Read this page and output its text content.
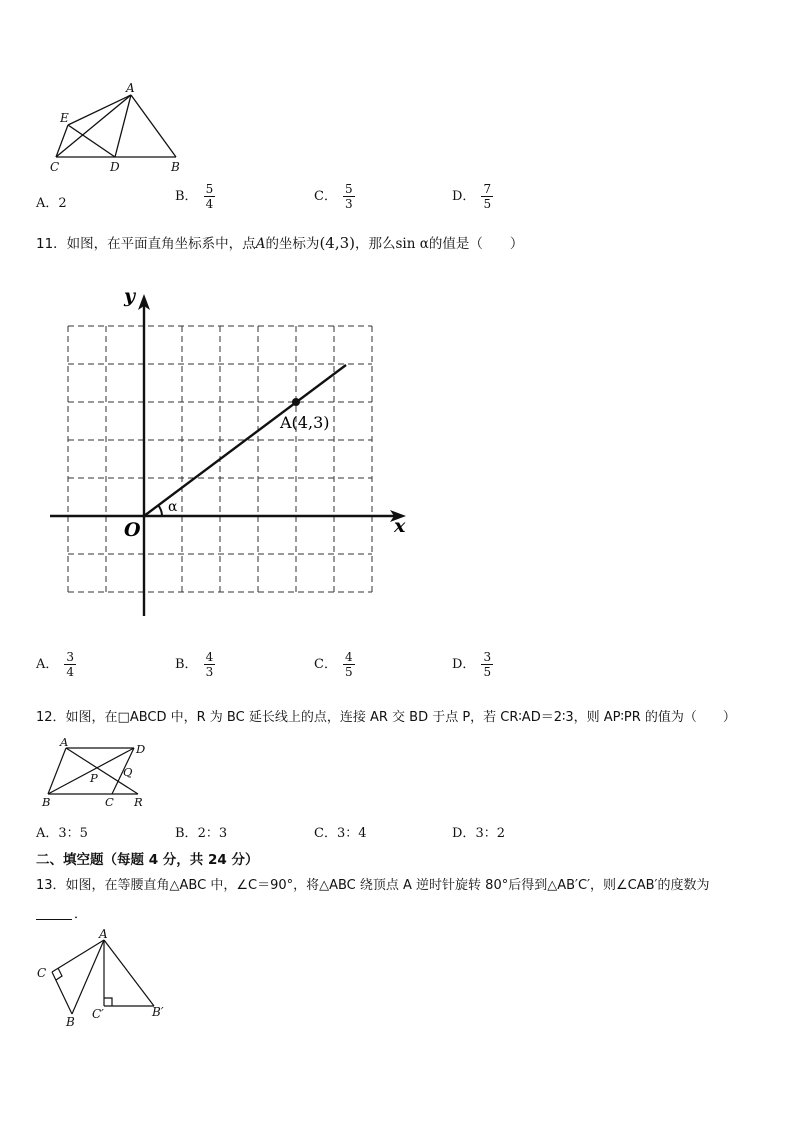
A
E
C	D	B
A．2	B． $\frac{5}{4}$	C． $\frac{5}{3}$	D． $\frac{7}{5}$
11．如图，在平面直角坐标系中，点A的坐标为(4,3)，那么sin α的值是（　　）
y
x
O
A(4,3)
α
A． $\frac{3}{4}$	B． $\frac{4}{3}$	C． $\frac{4}{5}$	D． $\frac{3}{5}$
12．如图，在□ABCD 中，R 为 BC 延长线上的点，连接 AR 交 BD 于点 P，若 CR∶AD＝2∶3，则 AP∶PR 的值为（　　）
A	D
P Q
B	C R
A．3：5	B．2：3	C．3：4	D．3：2
二、填空题（每题 4 分，共 24 分）
13．如图，在等腰直角△ABC 中，∠C＝90°，将△ABC 绕顶点 A 逆时针旋转 80°后得到△AB′C′，则∠CAB′的度数为
．
A
C
B
C′	B′
